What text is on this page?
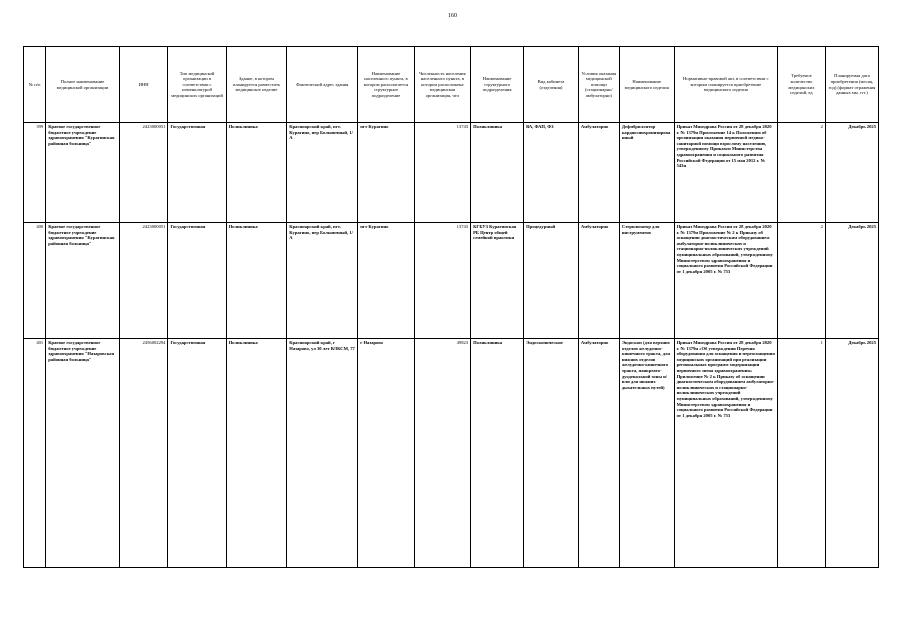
160
№ п/п	Полное наименование медицинской организации	ИНН	Тип медицинской организации в соответствии с номенклатурой медицинских организаций	Здание, в котором планируется разместить медицинское изделие	Фактический адрес здания	Наименование населенного пункта, в котором располагается структурное подразделение	Численность населения населенного пункта, в котором расположена медицинская организация, чел	Наименование структурного подразделения	Вид кабинета (отделения)	Условия оказания медицинской помощи (стационарно/амбулаторно)	Наименование медицинского изделия	Нормативно-правовой акт, в соответствии с которым планируется приобретение медицинского изделия	Требуемое количество медицинских изделий, ед	Планируемая дата приобретения (месяц, год) (формат отражения данных мм. ггг.)
399	Краевое государственное бюджетное учреждение здравоохранения "Курагинская районная больница"	2423000051	Государственная	Поликлиника	Красноярский край, пгт. Курагино, пер Больничный, 1/А	пгт Курагино	13743	Поликлиника	ВА, ФАП, ФЗ	Амбулаторно	Дефибриллятор кардиосинхронизированный	Приказ Минздрава России от 28 декабря 2020 г. № 1379н Приложение 14 к Положению об организации оказания первичной медико-санитарной помощи взрослому населению, утвержденному Приказом Министерства здравоохранения и социального развития Российской Федерации от 15 мая 2012 г. № 543н	2	Декабрь 2025
400	Краевое государственное бюджетное учреждение здравоохранения "Курагинская районная больница"	2423000051	Государственная	Поликлиника	Красноярский край, пгт. Курагино, пер Больничный, 1/А	пгт Курагино	13743	КГБУЗ Курагинская РБ Центр общей семейной практики	Процедурный	Амбулаторно	Стерилизатор для инструментов	Приказ Минздрава России от 28 декабря 2020 г. № 1379н Приложение № 2 к Приказу об оснащении диагностическим оборудованием амбулаторно-поликлинических и стационарно-поликлинических учреждений муниципальных образований, утвержденному Министерством здравоохранения и социального развития Российской Федерации от 1 декабря 2005 г. № 753	2	Декабрь 2025
401	Краевое государственное бюджетное учреждение здравоохранения "Назаровская районная больница"	2456002294	Государственная	Поликлиника	Красноярский край, г Назарово, ул 30 лет ВЛКСМ, 77	г Назарово	49823	Поликлиника	Эндоскопические	Амбулаторно	Эндоскоп (для верхних отделов желудочно-кишечного тракта, для нижних отделов желудочно-кишечного тракта, панкреато-дуоденальной зоны и/или для нижних дыхательных путей)	Приказ Минздрава России от 28 декабря 2020 г. № 1379н «Об утверждении Перечня оборудования для оснащения и переоснащения медицинских организаций при реализации региональных программ модернизации первичного звена здравоохранения» Приложение № 2 к Приказу об оснащении диагностическим оборудованием амбулаторно-поликлинических и стационарно-поликлинических учреждений муниципальных образований, утвержденному Министерством здравоохранения и социального развития Российской Федерации от 1 декабря 2005 г. № 753	1	Декабрь 2025
